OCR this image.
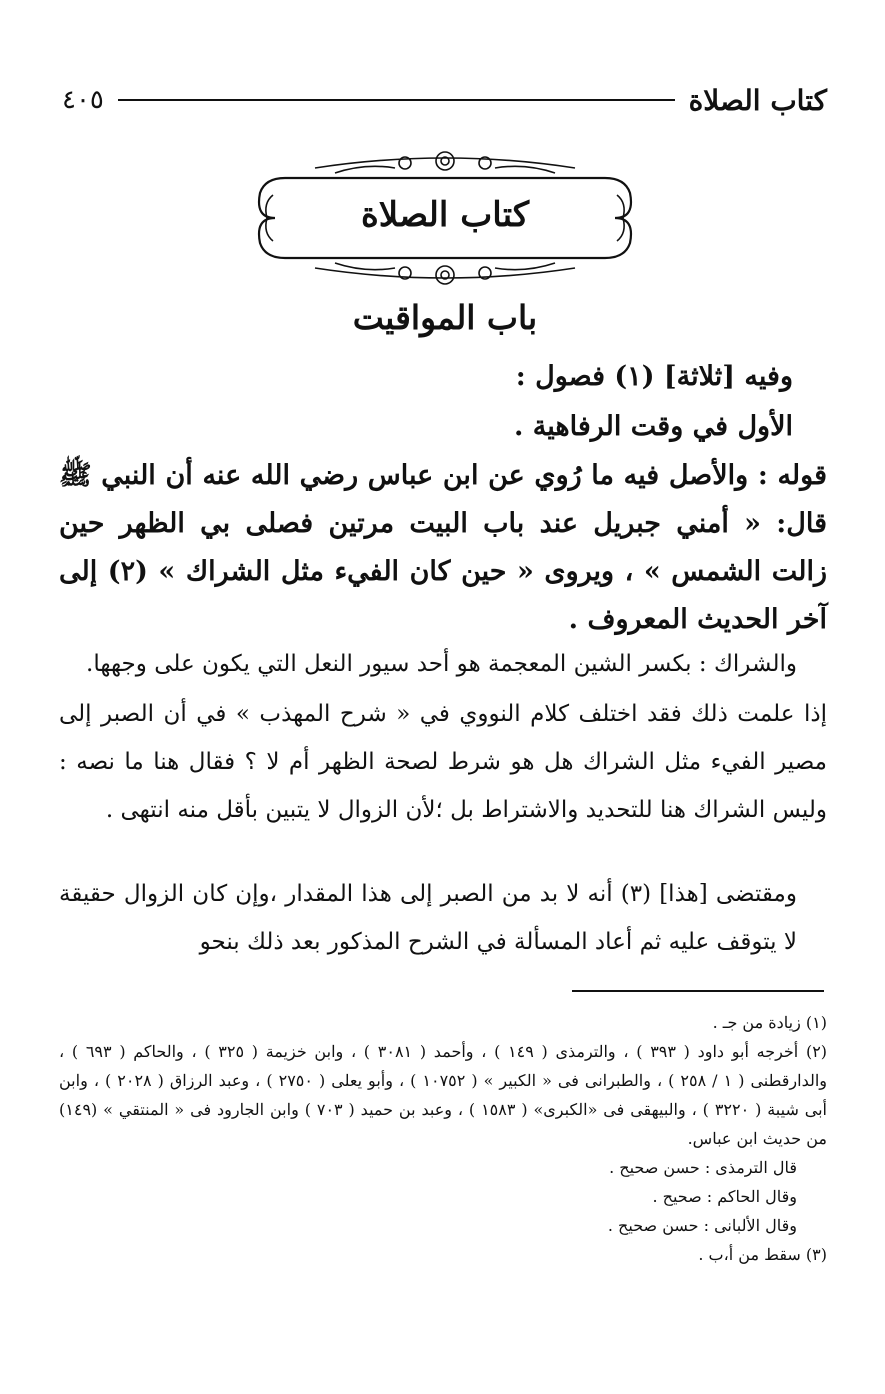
كتاب الصلاة
٤٠٥
كتاب الصلاة
باب المواقيت

وفيه [ثلاثة] (١) فصول :

الأول في وقت الرفاهية .

قوله : والأصل فيه ما رُوي عن ابن عباس رضي الله عنه أن النبي ﷺ قال: « أمني جبريل عند باب البيت مرتين فصلى بي الظهر حين زالت الشمس » ، ويروى « حين كان الفيء مثل الشراك » (٢) إلى آخر الحديث المعروف .

والشراك : بكسر الشين المعجمة هو أحد سيور النعل التي يكون على وجهها.

إذا علمت ذلك فقد اختلف كلام النووي في « شرح المهذب » في أن الصبر إلى مصير الفيء مثل الشراك هل هو شرط لصحة الظهر أم لا ؟ فقال هنا ما نصه : وليس الشراك هنا للتحديد والاشتراط بل ؛لأن الزوال لا يتبين بأقل منه انتهى .

ومقتضى [هذا] (٣) أنه لا بد من الصبر إلى هذا المقدار ،وإن كان الزوال حقيقة لا يتوقف عليه ثم أعاد المسألة في الشرح المذكور بعد ذلك بنحو

(١) زيادة من جـ .

(٢) أخرجه أبو داود ( ٣٩٣ ) ، والترمذى ( ١٤٩ ) ، وأحمد ( ٣٠٨١ ) ، وابن خزيمة ( ٣٢٥ ) ، والحاكم ( ٦٩٣ ) ، والدارقطنى ( ١ / ٢٥٨ ) ، والطبرانى فى « الكبير » ( ١٠٧٥٢ ) ، وأبو يعلى ( ٢٧٥٠ ) ، وعبد الرزاق ( ٢٠٢٨ ) ، وابن أبى شيبة ( ٣٢٢٠ ) ، والبيهقى فى «الكبرى» ( ١٥٨٣ ) ، وعبد بن حميد ( ٧٠٣ ) وابن الجارود فى « المنتقي » (١٤٩) من حديث ابن عباس.

قال الترمذى : حسن صحيح .

وقال الحاكم : صحيح .

وقال الألبانى : حسن صحيح .

(٣) سقط من أ،ب .
